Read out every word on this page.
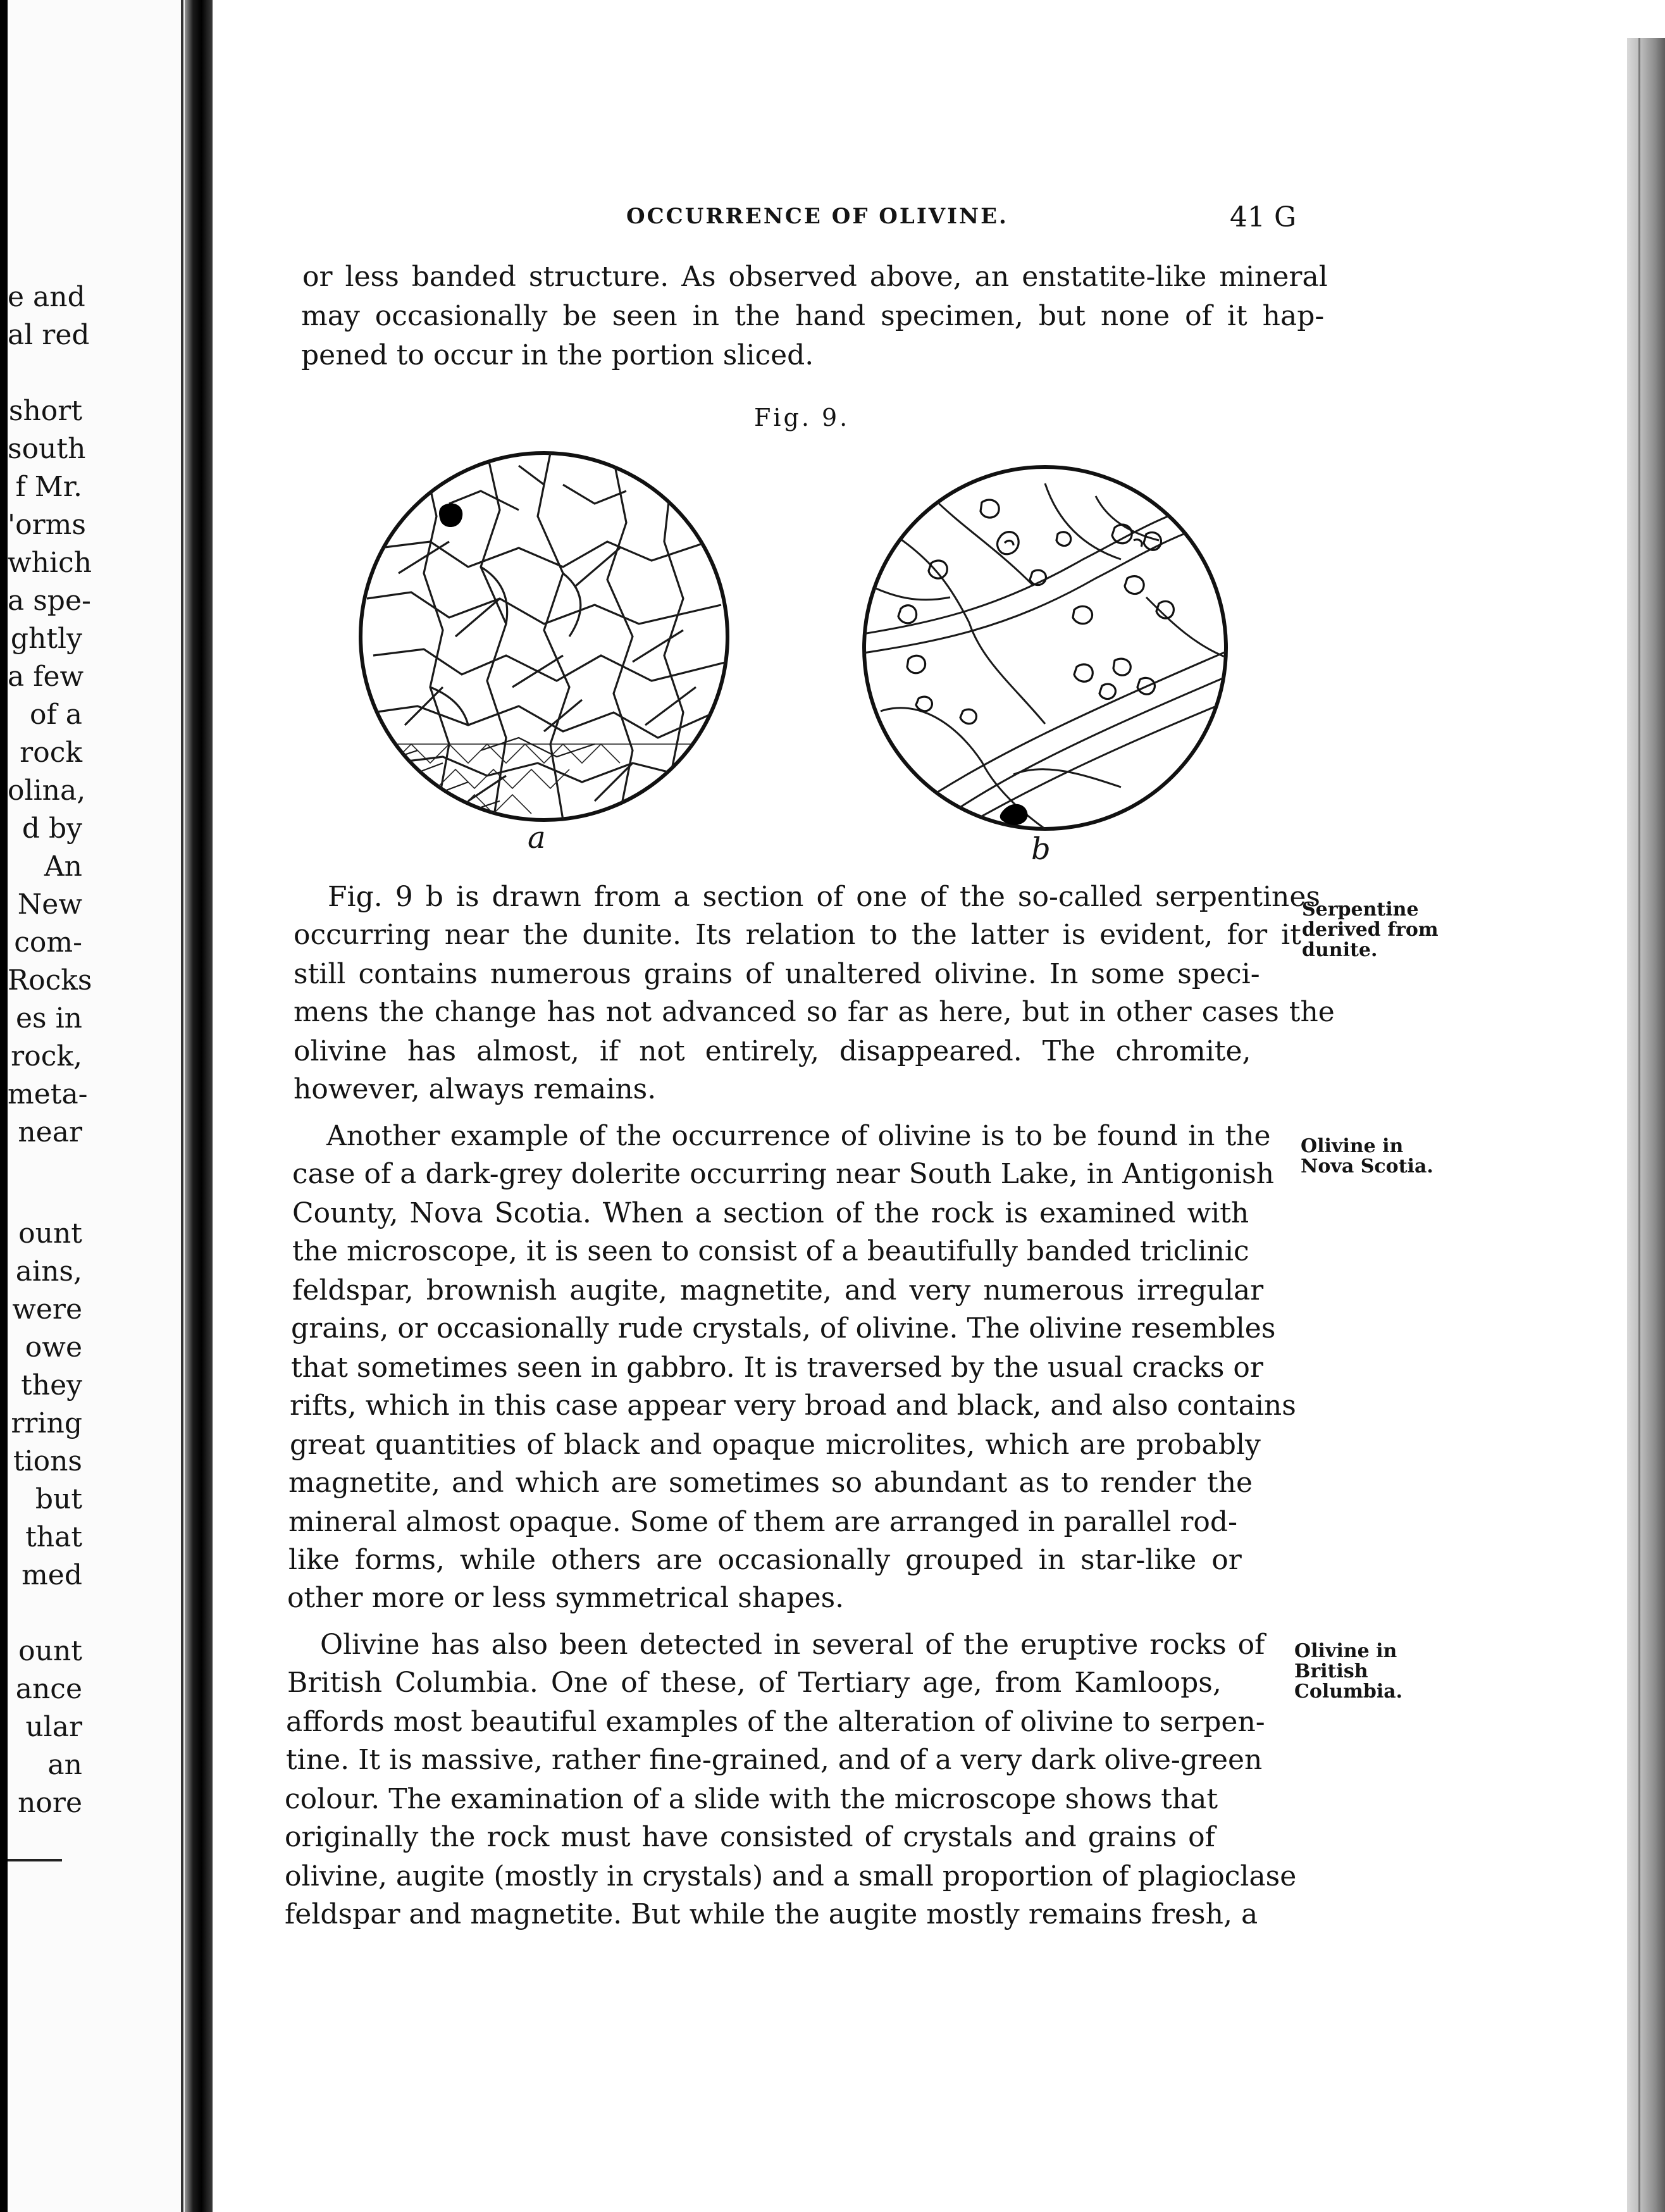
e and
al red
short
south
f Mr.
'orms
which
a spe-
ghtly
a few
of a
rock
olina,
d by
An
New
com-
Rocks
es in
rock,
meta-
near
ount
ains,
were
owe
they
rring
tions
but
that
med
ount
ance
ular
an
nore
OCCURRENCE OF OLIVINE.	41 G
or less banded structure. As observed above, an enstatite-like mineral
may occasionally be seen in the hand specimen, but none of it hap-
pened to occur in the portion sliced.
Fig. 9.
a	b
Fig. 9 b is drawn from a section of one of the so-called serpentines
occurring near the dunite. Its relation to the latter is evident, for it
still contains numerous grains of unaltered olivine. In some speci-
mens the change has not advanced so far as here, but in other cases the
olivine has almost, if not entirely, disappeared. The chromite,
however, always remains.
Another example of the occurrence of olivine is to be found in the
case of a dark-grey dolerite occurring near South Lake, in Antigonish
County, Nova Scotia. When a section of the rock is examined with
the microscope, it is seen to consist of a beautifully banded triclinic
feldspar, brownish augite, magnetite, and very numerous irregular
grains, or occasionally rude crystals, of olivine. The olivine resembles
that sometimes seen in gabbro. It is traversed by the usual cracks or
rifts, which in this case appear very broad and black, and also contains
great quantities of black and opaque microlites, which are probably
magnetite, and which are sometimes so abundant as to render the
mineral almost opaque. Some of them are arranged in parallel rod-
like forms, while others are occasionally grouped in star-like or
other more or less symmetrical shapes.
Olivine has also been detected in several of the eruptive rocks of
British Columbia. One of these, of Tertiary age, from Kamloops,
affords most beautiful examples of the alteration of olivine to serpen-
tine. It is massive, rather fine-grained, and of a very dark olive-green
colour. The examination of a slide with the microscope shows that
originally the rock must have consisted of crystals and grains of
olivine, augite (mostly in crystals) and a small proportion of plagioclase
feldspar and magnetite. But while the augite mostly remains fresh, a
Serpentine
derived from
dunite.
Olivine in
Nova Scotia.
Olivine in
British
Columbia.
